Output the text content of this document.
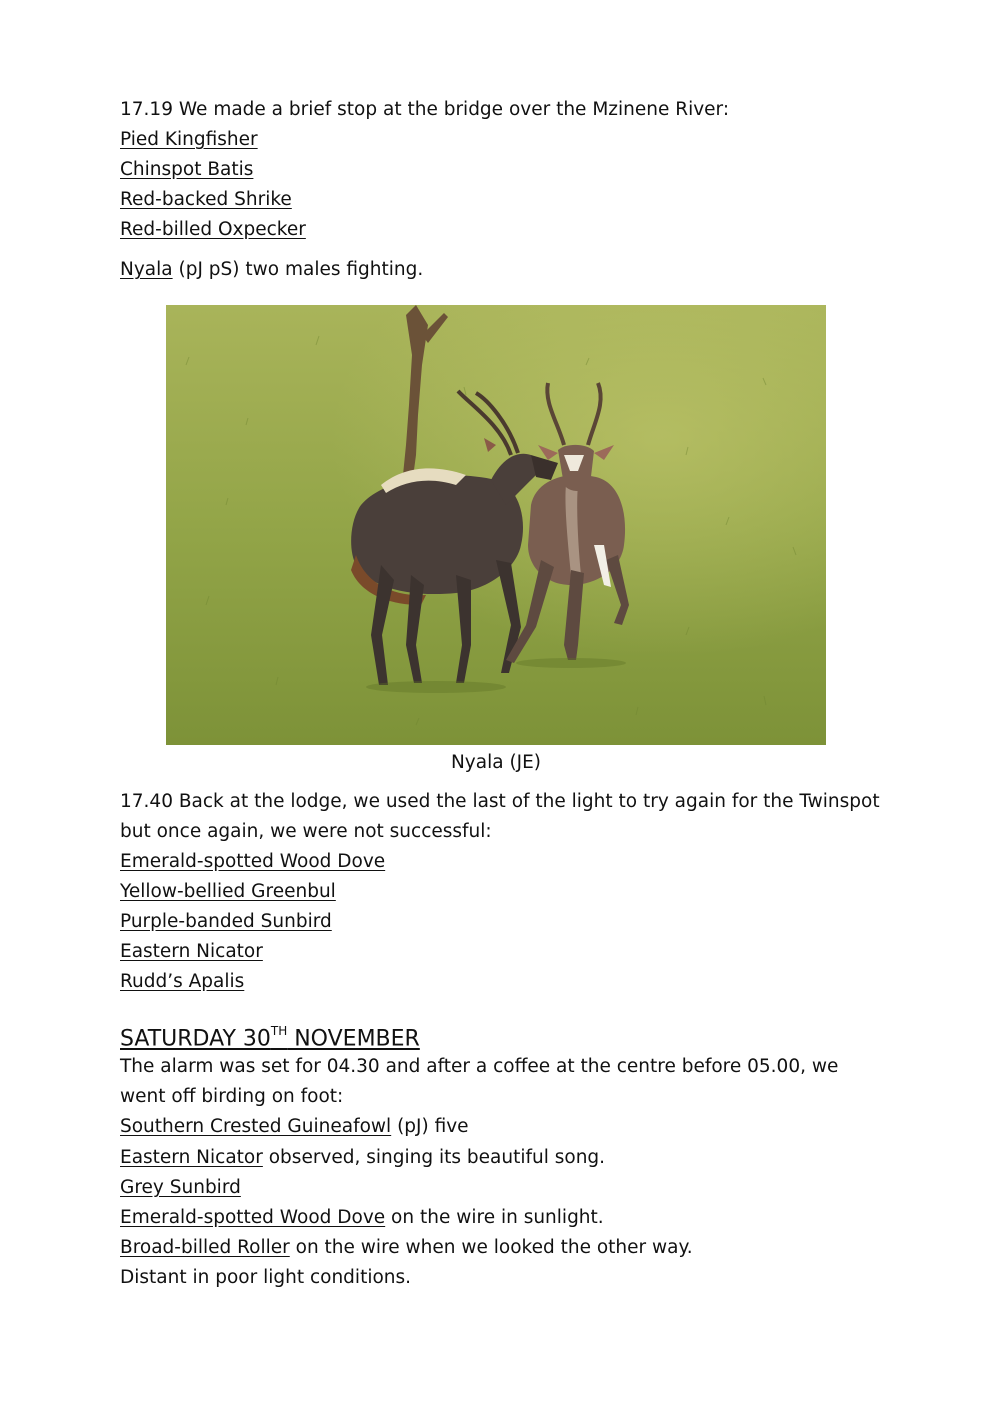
17.19 We made a brief stop at the bridge over the Mzinene River:
Pied Kingfisher
Chinspot Batis
Red-backed Shrike
Red-billed Oxpecker
Nyala (pJ pS) two males fighting.
Nyala (JE)
17.40 Back at the lodge, we used the last of the light to try again for the Twinspot
but once again, we were not successful:
Emerald-spotted Wood Dove
Yellow-bellied Greenbul
Purple-banded Sunbird
Eastern Nicator
Rudd’s Apalis
SATURDAY 30TH NOVEMBER
The alarm was set for 04.30 and after a coffee at the centre before 05.00, we
went off birding on foot:
Southern Crested Guineafowl (pJ) five
Eastern Nicator observed, singing its beautiful song.
Grey Sunbird
Emerald-spotted Wood Dove on the wire in sunlight.
Broad-billed Roller on the wire when we looked the other way.
Distant in poor light conditions.
